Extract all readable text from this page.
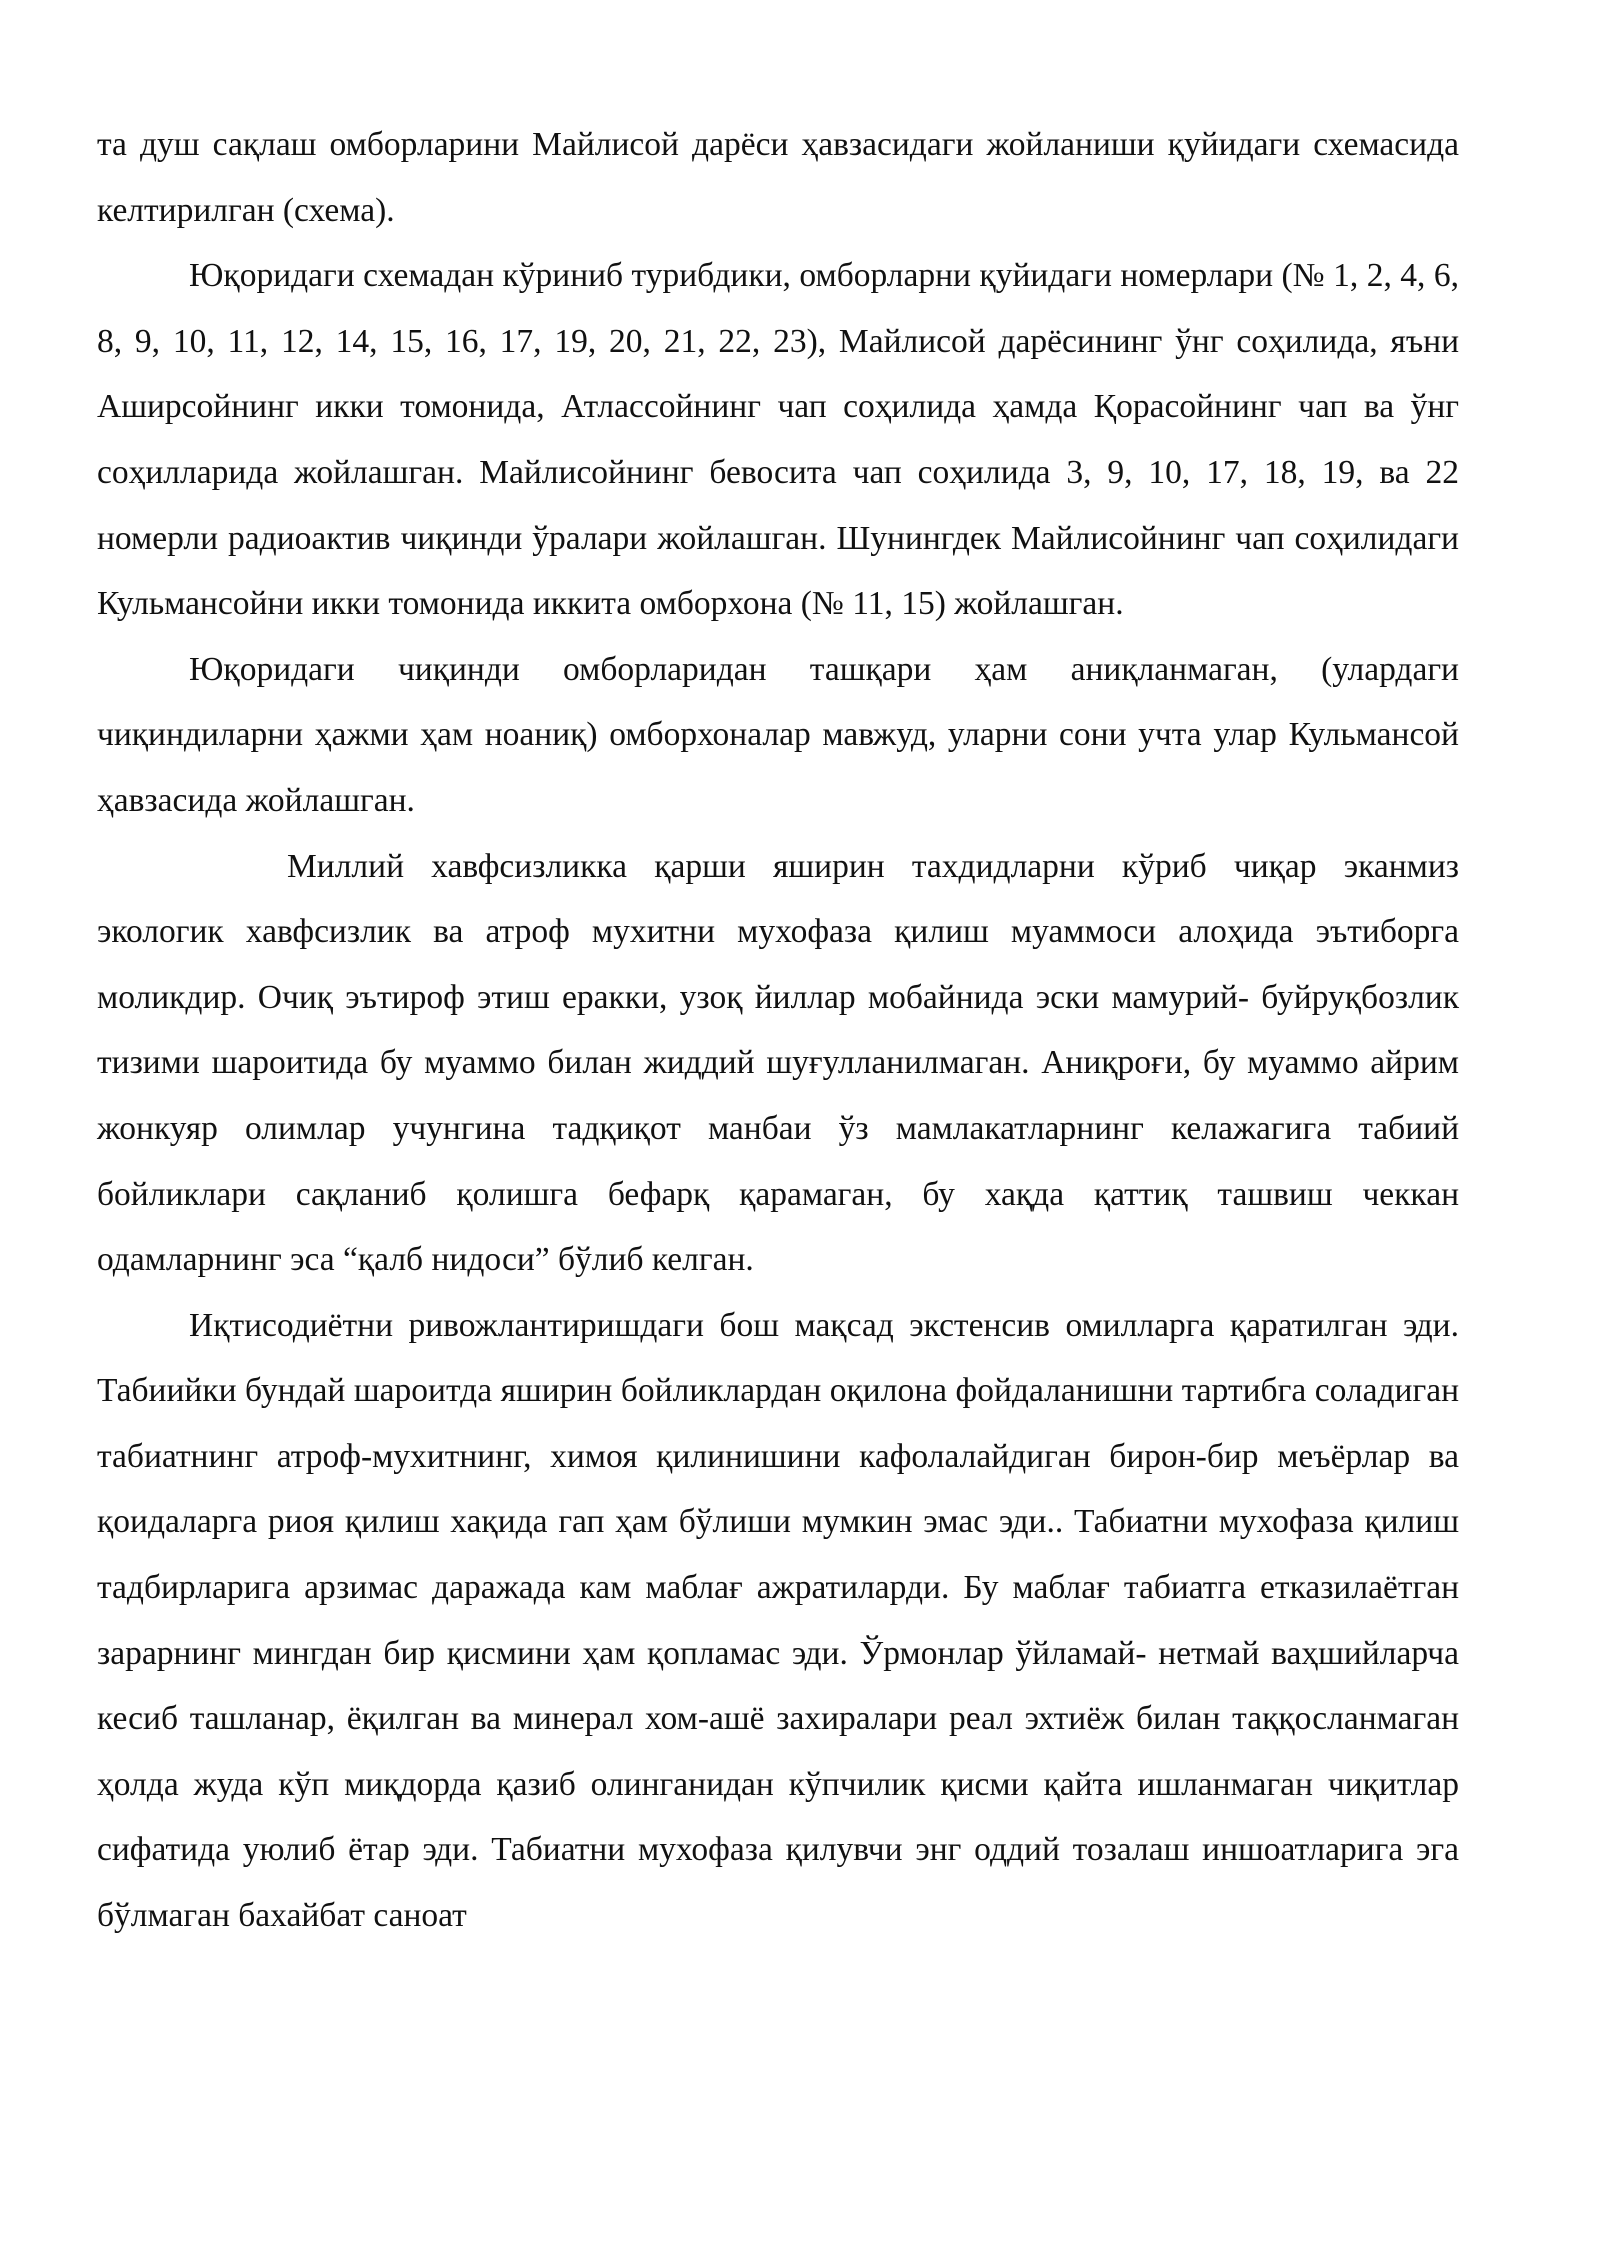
та душ сақлаш омборларини Майлисой дарёси ҳавзасидаги жойланиши қуйидаги схемасида келтирилган (схема).

Юқоридаги схемадан кўриниб турибдики, омборларни қуйидаги номерлари (№ 1, 2, 4, 6, 8, 9, 10, 11, 12, 14, 15, 16, 17, 19, 20, 21, 22, 23), Майлисой дарёсининг ўнг соҳилида, яъни Аширсойнинг икки томонида, Атлассойнинг чап соҳилида ҳамда Қорасойнинг чап ва ўнг соҳилларида жойлашган. Майлисойнинг бевосита чап соҳилида 3, 9, 10, 17, 18, 19, ва 22 номерли радиоактив чиқинди ўралари жойлашган. Шунингдек Майлисойнинг чап соҳилидаги Кульмансойни икки томонида иккита омборхона (№ 11, 15) жойлашган.

Юқоридаги чиқинди омборларидан ташқари ҳам аниқланмаган, (улардаги чиқиндиларни ҳажми ҳам ноаниқ) омборхоналар мавжуд, уларни сони учта улар Кульмансой ҳавзасида жойлашган.

Миллий хавфсизликка қарши яширин тахдидларни кўриб чиқар эканмиз экологик хавфсизлик ва атроф мухитни мухофаза қилиш муаммоси алоҳида эътиборга моликдир. Очиқ эътироф этиш еракки, узоқ йиллар мобайнида эски мамурий- буйруқбозлик тизими шароитида бу муаммо билан жиддий шуғулланилмаган. Аниқроғи, бу муаммо айрим жонкуяр олимлар учунгина тадқиқот манбаи ўз мамлакатларнинг келажагига табиий бойликлари сақланиб қолишга бефарқ қарамаган, бу хақда қаттиқ ташвиш чеккан одамларнинг эса “қалб нидоси” бўлиб келган.

Иқтисодиётни ривожлантиришдаги бош мақсад экстенсив омилларга қаратилган эди. Табиийки бундай шароитда яширин бойликлардан оқилона фойдаланишни тартибга соладиган табиатнинг атроф-мухитнинг, химоя қилинишини кафолалайдиган бирон-бир меъёрлар ва қоидаларга риоя қилиш хақида гап ҳам бўлиши мумкин эмас эди.. Табиатни мухофаза қилиш тадбирларига арзимас даражада кам маблағ ажратиларди. Бу маблағ табиатга етказилаётган зарарнинг мингдан бир қисмини ҳам қопламас эди. Ўрмонлар ўйламай- нетмай ваҳшийларча кесиб ташланар, ёқилган ва минерал хом-ашё захиралари реал эхтиёж билан таққосланмаган ҳолда жуда кўп миқдорда қазиб олинганидан кўпчилик қисми қайта ишланмаган чиқитлар сифатида уюлиб ётар эди. Табиатни мухофаза қилувчи энг оддий тозалаш иншоатларига эга бўлмаган бахайбат саноат
